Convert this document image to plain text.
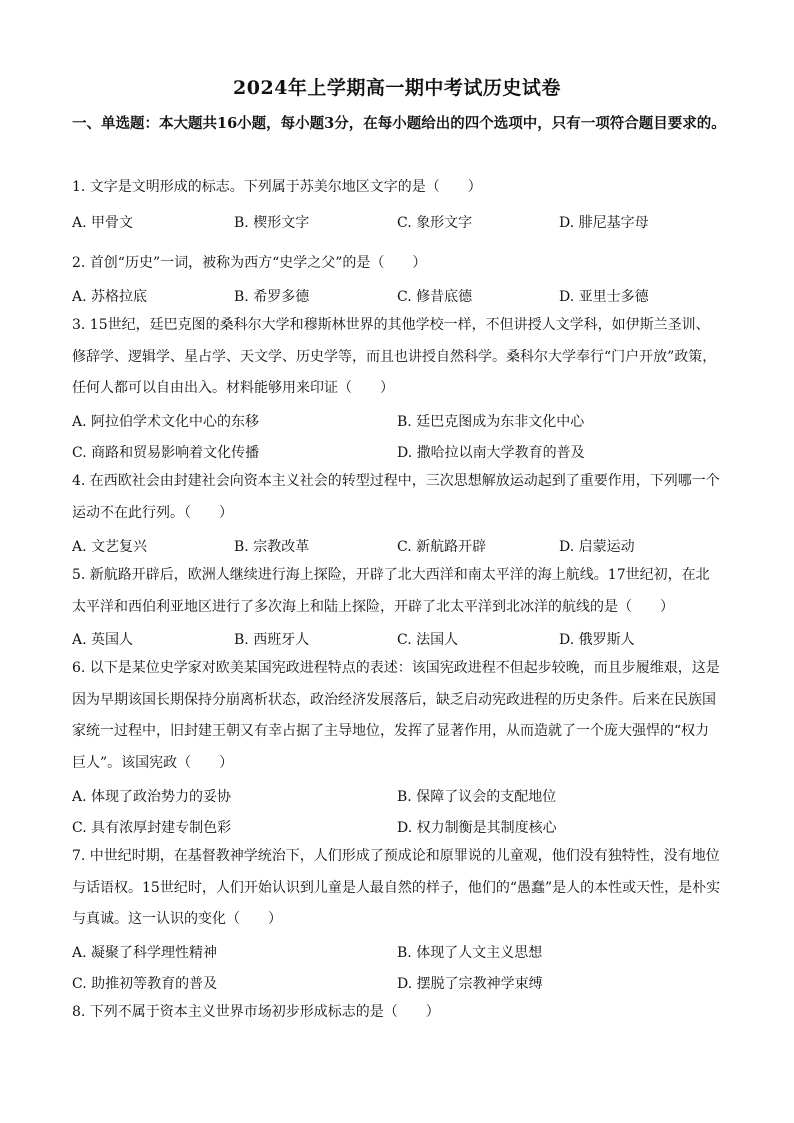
2024年上学期高一期中考试历史试卷
一、单选题：本大题共16小题，每小题3分，在每小题给出的四个选项中，只有一项符合题目要求的。
1. 文字是文明形成的标志。下列属于苏美尔地区文字的是（　　）
A. 甲骨文	B. 楔形文字	C. 象形文字	D. 腓尼基字母
2. 首创“历史”一词，被称为西方“史学之父”的是（　　）
A. 苏格拉底	B. 希罗多德	C. 修昔底德	D. 亚里士多德
3. 15世纪，廷巴克图的桑科尔大学和穆斯林世界的其他学校一样，不但讲授人文学科，如伊斯兰圣训、修辞学、逻辑学、星占学、天文学、历史学等，而且也讲授自然科学。桑科尔大学奉行“门户开放”政策，任何人都可以自由出入。材料能够用来印证（　　）
A. 阿拉伯学术文化中心的东移	B. 廷巴克图成为东非文化中心
C. 商路和贸易影响着文化传播	D. 撒哈拉以南大学教育的普及
4. 在西欧社会由封建社会向资本主义社会的转型过程中，三次思想解放运动起到了重要作用，下列哪一个运动不在此行列。（　　）
A. 文艺复兴	B. 宗教改革	C. 新航路开辟	D. 启蒙运动
5. 新航路开辟后，欧洲人继续进行海上探险，开辟了北大西洋和南太平洋的海上航线。17世纪初，在北太平洋和西伯利亚地区进行了多次海上和陆上探险，开辟了北太平洋到北冰洋的航线的是（　　）
A. 英国人	B. 西班牙人	C. 法国人	D. 俄罗斯人
6. 以下是某位史学家对欧美某国宪政进程特点的表述：该国宪政进程不但起步较晚，而且步履维艰，这是因为早期该国长期保持分崩离析状态，政治经济发展落后，缺乏启动宪政进程的历史条件。后来在民族国家统一过程中，旧封建王朝又有幸占据了主导地位，发挥了显著作用，从而造就了一个庞大强悍的“权力巨人”。该国宪政（　　）
A. 体现了政治势力的妥协	B. 保障了议会的支配地位
C. 具有浓厚封建专制色彩	D. 权力制衡是其制度核心
7. 中世纪时期，在基督教神学统治下，人们形成了预成论和原罪说的儿童观，他们没有独特性，没有地位与话语权。15世纪时，人们开始认识到儿童是人最自然的样子，他们的“愚蠢”是人的本性或天性，是朴实与真诚。这一认识的变化（　　）
A. 凝聚了科学理性精神	B. 体现了人文主义思想
C. 助推初等教育的普及	D. 摆脱了宗教神学束缚
8. 下列不属于资本主义世界市场初步形成标志的是（　　）
